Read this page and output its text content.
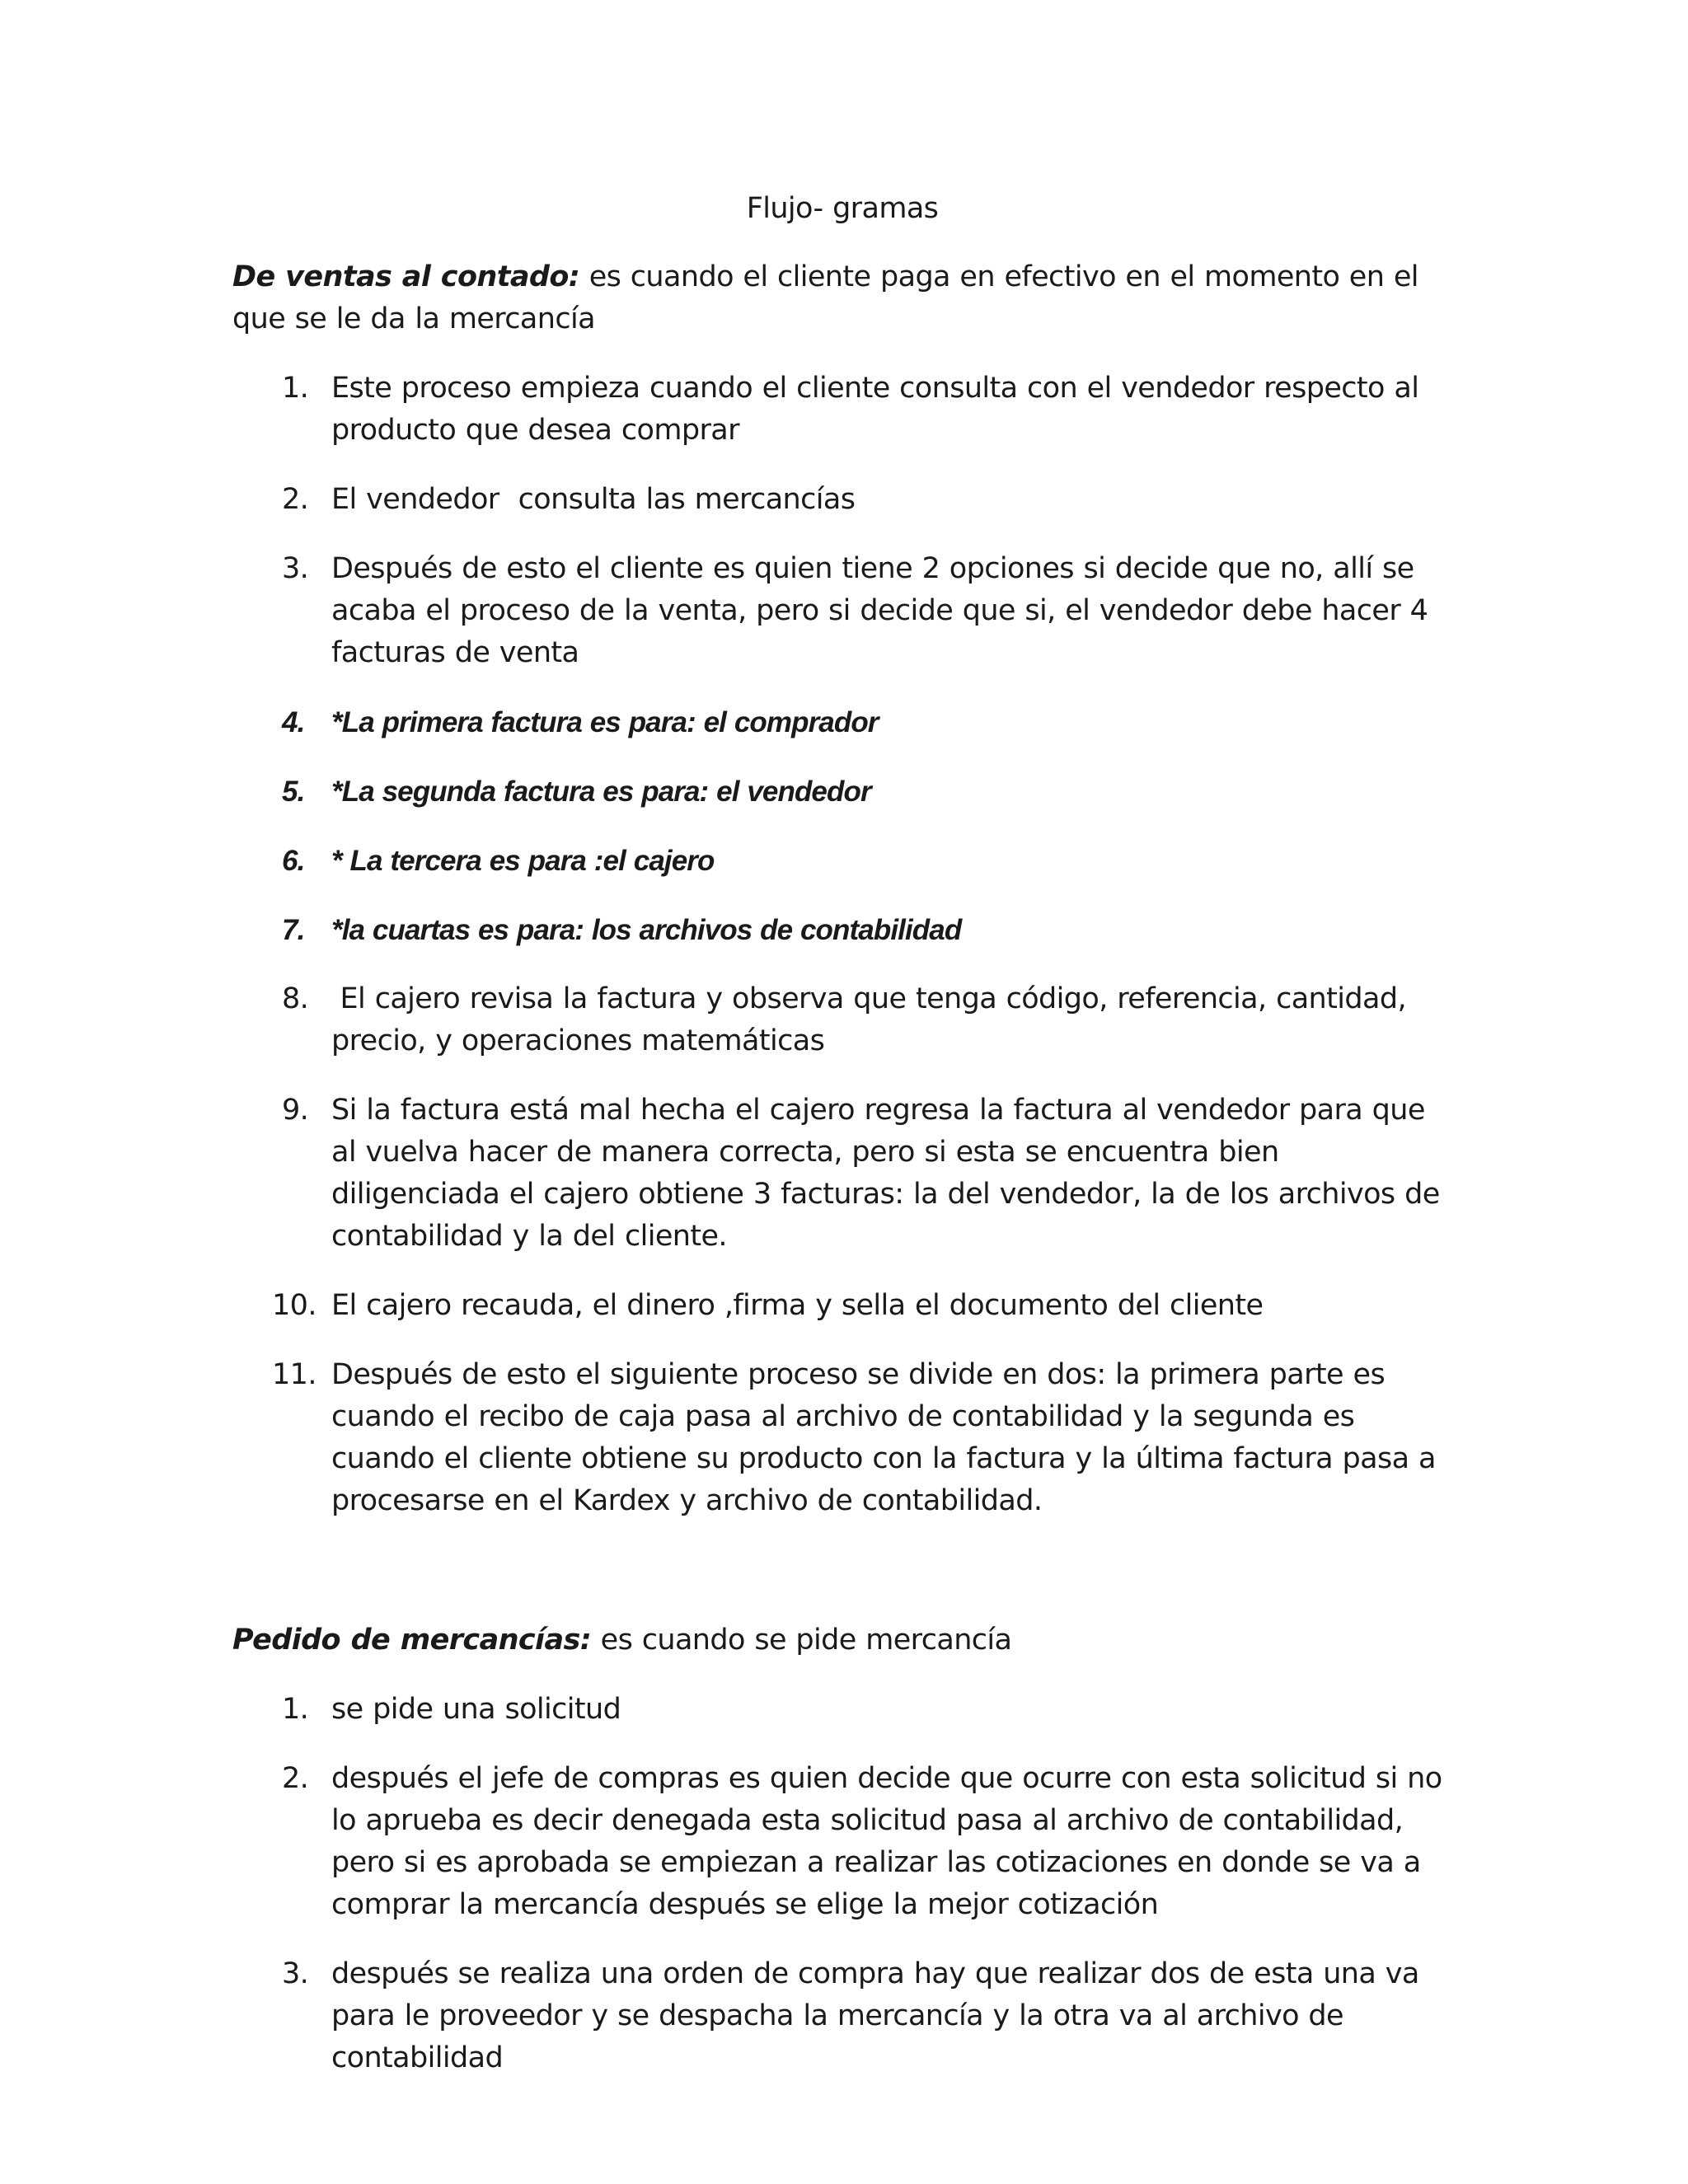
Flujo- gramas

De ventas al contado: es cuando el cliente paga en efectivo en el momento en el que se le da la mercancía

1. Este proceso empieza cuando el cliente consulta con el vendedor respecto al producto que desea comprar
2. El vendedor  consulta las mercancías
3. Después de esto el cliente es quien tiene 2 opciones si decide que no, allí se acaba el proceso de la venta, pero si decide que si, el vendedor debe hacer 4 facturas de venta
4. *La primera factura es para: el comprador
5. *La segunda factura es para: el vendedor
6. * La tercera es para :el cajero
7. *la cuartas es para: los archivos de contabilidad
8. El cajero revisa la factura y observa que tenga código, referencia, cantidad, precio, y operaciones matemáticas
9. Si la factura está mal hecha el cajero regresa la factura al vendedor para que al vuelva hacer de manera correcta, pero si esta se encuentra bien diligenciada el cajero obtiene 3 facturas: la del vendedor, la de los archivos de contabilidad y la del cliente.
10. El cajero recauda, el dinero ,firma y sella el documento del cliente
11. Después de esto el siguiente proceso se divide en dos: la primera parte es cuando el recibo de caja pasa al archivo de contabilidad y la segunda es cuando el cliente obtiene su producto con la factura y la última factura pasa a procesarse en el Kardex y archivo de contabilidad.

Pedido de mercancías: es cuando se pide mercancía

1. se pide una solicitud
2. después el jefe de compras es quien decide que ocurre con esta solicitud si no lo aprueba es decir denegada esta solicitud pasa al archivo de contabilidad, pero si es aprobada se empiezan a realizar las cotizaciones en donde se va a comprar la mercancía después se elige la mejor cotización
3. después se realiza una orden de compra hay que realizar dos de esta una va para le proveedor y se despacha la mercancía y la otra va al archivo de contabilidad
